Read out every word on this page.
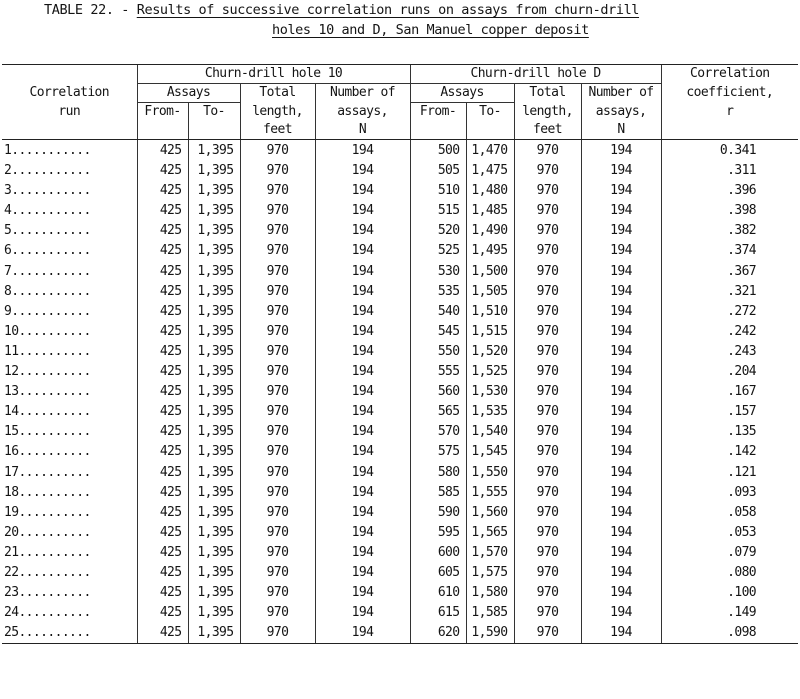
TABLE 22. - Results of successive correlation runs on assays from churn-drill
holes 10 and D, San Manuel copper deposit
Correlation	Churn-drill hole 10				Churn-drill hole D				Correlation
	Assays		Total	Number of	Assays		Total	Number of	coefficient,
run	From-	To-	length,	assays,	From-	To-	length,	assays,	r
			feet	N			feet	N	
1...........	425	1,395	970	194	500	1,470	970	194	0.341
2...........	425	1,395	970	194	505	1,475	970	194	.311
3...........	425	1,395	970	194	510	1,480	970	194	.396
4...........	425	1,395	970	194	515	1,485	970	194	.398
5...........	425	1,395	970	194	520	1,490	970	194	.382
6...........	425	1,395	970	194	525	1,495	970	194	.374
7...........	425	1,395	970	194	530	1,500	970	194	.367
8...........	425	1,395	970	194	535	1,505	970	194	.321
9...........	425	1,395	970	194	540	1,510	970	194	.272
10..........	425	1,395	970	194	545	1,515	970	194	.242
11..........	425	1,395	970	194	550	1,520	970	194	.243
12..........	425	1,395	970	194	555	1,525	970	194	.204
13..........	425	1,395	970	194	560	1,530	970	194	.167
14..........	425	1,395	970	194	565	1,535	970	194	.157
15..........	425	1,395	970	194	570	1,540	970	194	.135
16..........	425	1,395	970	194	575	1,545	970	194	.142
17..........	425	1,395	970	194	580	1,550	970	194	.121
18..........	425	1,395	970	194	585	1,555	970	194	.093
19..........	425	1,395	970	194	590	1,560	970	194	.058
20..........	425	1,395	970	194	595	1,565	970	194	.053
21..........	425	1,395	970	194	600	1,570	970	194	.079
22..........	425	1,395	970	194	605	1,575	970	194	.080
23..........	425	1,395	970	194	610	1,580	970	194	.100
24..........	425	1,395	970	194	615	1,585	970	194	.149
25..........	425	1,395	970	194	620	1,590	970	194	.098
